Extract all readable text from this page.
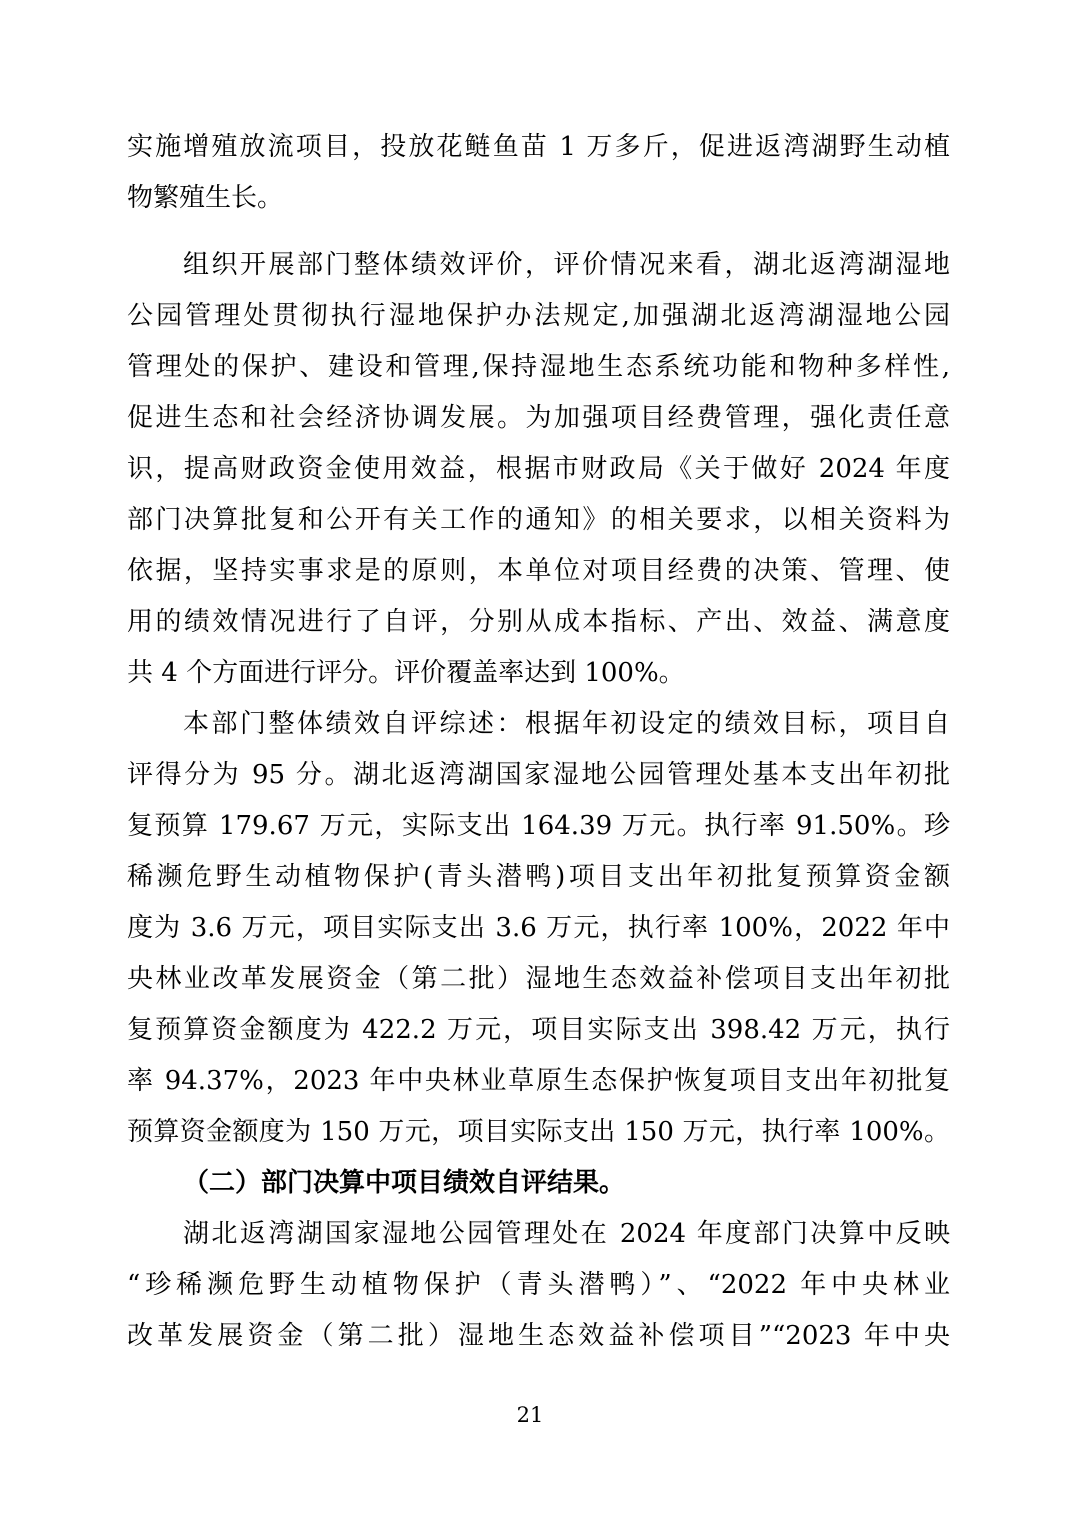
实施增殖放流项目，投放花鲢鱼苗 1 万多斤，促进返湾湖野生动植
物繁殖生长。
组织开展部门整体绩效评价，评价情况来看，湖北返湾湖湿地
公园管理处贯彻执行湿地保护办法规定,加强湖北返湾湖湿地公园
管理处的保护、建设和管理,保持湿地生态系统功能和物种多样性,
促进生态和社会经济协调发展。为加强项目经费管理，强化责任意
识，提高财政资金使用效益，根据市财政局《关于做好 2024 年度
部门决算批复和公开有关工作的通知》的相关要求，以相关资料为
依据，坚持实事求是的原则，本单位对项目经费的决策、管理、使
用的绩效情况进行了自评，分别从成本指标、产出、效益、满意度
共 4 个方面进行评分。评价覆盖率达到 100%。
本部门整体绩效自评综述：根据年初设定的绩效目标，项目自
评得分为 95 分。湖北返湾湖国家湿地公园管理处基本支出年初批
复预算 179.67 万元，实际支出 164.39 万元。执行率 91.50%。珍
稀濒危野生动植物保护(青头潜鸭)项目支出年初批复预算资金额
度为 3.6 万元，项目实际支出 3.6 万元，执行率 100%，2022 年中
央林业改革发展资金（第二批）湿地生态效益补偿项目支出年初批
复预算资金额度为 422.2 万元，项目实际支出 398.42 万元，执行
率 94.37%，2023 年中央林业草原生态保护恢复项目支出年初批复
预算资金额度为 150 万元，项目实际支出 150 万元，执行率 100%。
（二）部门决算中项目绩效自评结果。
湖北返湾湖国家湿地公园管理处在 2024 年度部门决算中反映
“珍稀濒危野生动植物保护（青头潜鸭）”、“2022 年中央林业
改革发展资金（第二批）湿地生态效益补偿项目”“2023 年中央
21
